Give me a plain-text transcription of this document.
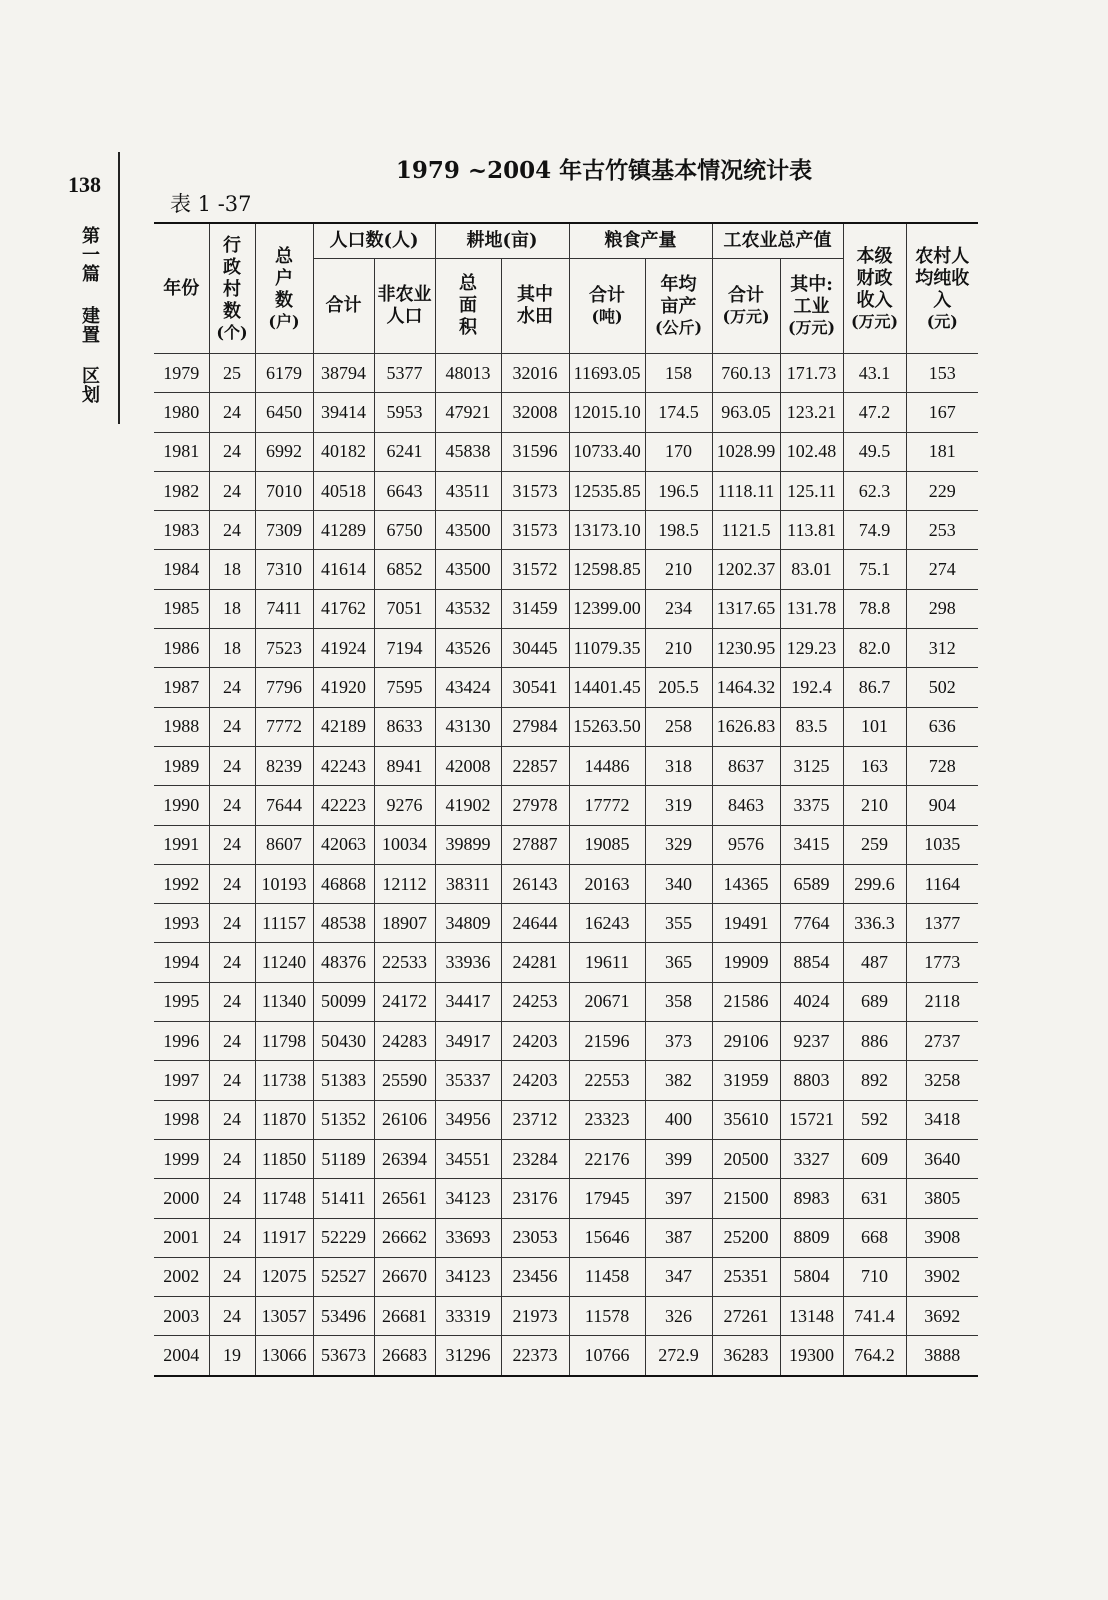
138
第
一
篇
建
置
区
划
1979 ~2004 年古竹镇基本情况统计表
表 1 -37
年份	行
政
村
数
(个)	总
户
数
(户)	人口数(人)		耕地(亩)		粮食产量		工农业总产值		本级
财政
收入
(万元)	农村人
均纯收
入
(元)

			合计	非农业
人口	总
面
积	其中
水田	合计
(吨)	年均
亩产
(公斤)	合计
(万元)	其中:
工业
(万元)		

1979	25	6179	38794	5377	48013	32016	11693.05	158	760.13	171.73	43.1	153
1980	24	6450	39414	5953	47921	32008	12015.10	174.5	963.05	123.21	47.2	167
1981	24	6992	40182	6241	45838	31596	10733.40	170	1028.99	102.48	49.5	181
1982	24	7010	40518	6643	43511	31573	12535.85	196.5	1118.11	125.11	62.3	229
1983	24	7309	41289	6750	43500	31573	13173.10	198.5	1121.5	113.81	74.9	253
1984	18	7310	41614	6852	43500	31572	12598.85	210	1202.37	83.01	75.1	274
1985	18	7411	41762	7051	43532	31459	12399.00	234	1317.65	131.78	78.8	298
1986	18	7523	41924	7194	43526	30445	11079.35	210	1230.95	129.23	82.0	312
1987	24	7796	41920	7595	43424	30541	14401.45	205.5	1464.32	192.4	86.7	502
1988	24	7772	42189	8633	43130	27984	15263.50	258	1626.83	83.5	101	636
1989	24	8239	42243	8941	42008	22857	14486	318	8637	3125	163	728
1990	24	7644	42223	9276	41902	27978	17772	319	8463	3375	210	904
1991	24	8607	42063	10034	39899	27887	19085	329	9576	3415	259	1035
1992	24	10193	46868	12112	38311	26143	20163	340	14365	6589	299.6	1164
1993	24	11157	48538	18907	34809	24644	16243	355	19491	7764	336.3	1377
1994	24	11240	48376	22533	33936	24281	19611	365	19909	8854	487	1773
1995	24	11340	50099	24172	34417	24253	20671	358	21586	4024	689	2118
1996	24	11798	50430	24283	34917	24203	21596	373	29106	9237	886	2737
1997	24	11738	51383	25590	35337	24203	22553	382	31959	8803	892	3258
1998	24	11870	51352	26106	34956	23712	23323	400	35610	15721	592	3418
1999	24	11850	51189	26394	34551	23284	22176	399	20500	3327	609	3640
2000	24	11748	51411	26561	34123	23176	17945	397	21500	8983	631	3805
2001	24	11917	52229	26662	33693	23053	15646	387	25200	8809	668	3908
2002	24	12075	52527	26670	34123	23456	11458	347	25351	5804	710	3902
2003	24	13057	53496	26681	33319	21973	11578	326	27261	13148	741.4	3692
2004	19	13066	53673	26683	31296	22373	10766	272.9	36283	19300	764.2	3888
